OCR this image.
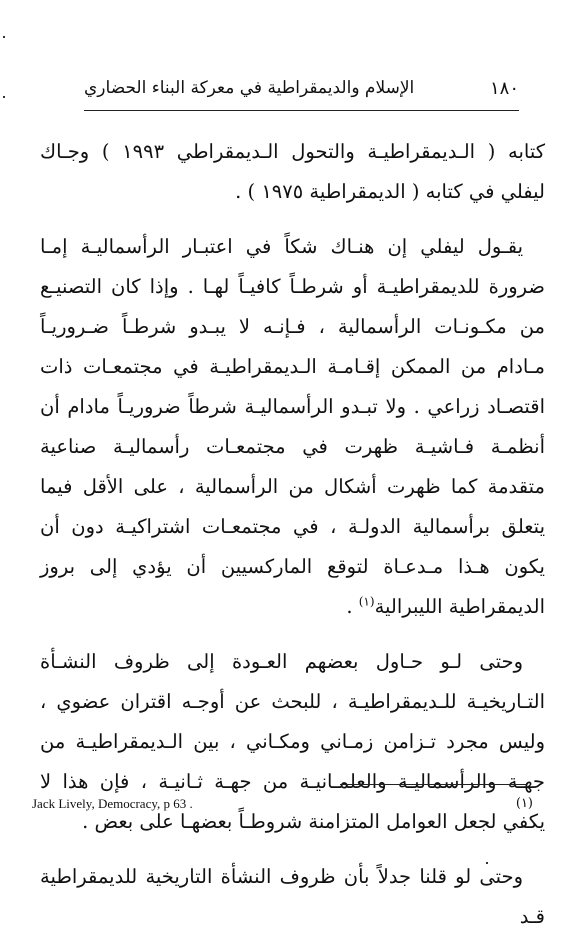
الإسلام والديمقراطية في معركة البناء الحضاري	١٨٠

كتابه ( الـديمقراطيـة والتحول الـديمقراطي ١٩٩٣ ) وجـاك ليفلي في كتابه ( الديمقراطية ١٩٧٥ ) .

يقـول ليفلي إن هنـاك شكاً في اعتبـار الرأسماليـة إمـا ضرورة للديمقراطيـة أو شرطـاً كافيـاً لهـا . وإذا كان التصنيـع من مكـونـات الرأسمالية ، فـإنـه لا يبـدو شرطـاً ضـروريـاً مـادام من الممكن إقـامـة الـديمقراطيـة في مجتمعـات ذات اقتصـاد زراعي . ولا تبـدو الرأسماليـة شرطاً ضروريـاً مادام أن أنظمـة فـاشيـة ظهرت في مجتمعـات رأسماليـة صناعية متقدمة كما ظهرت أشكال من الرأسمالية ، على الأقل فيما يتعلق برأسمالية الدولـة ، في مجتمعـات اشتراكيـة دون أن يكون هـذا مـدعـاة لتوقع الماركسيين أن يؤدي إلى بروز الديمقراطية الليبرالية$^{(١)}$ .

وحتى لـو حـاول بعضهم العـودة إلى ظروف النشـأة التـاريخيـة للـديمقراطيـة ، للبحث عن أوجـه اقتران عضوي ، وليس مجرد تـزامن زمـاني ومكـاني ، بين الـديمقراطيـة من جهـة والرأسماليـة والعلمـانيـة من جهـة ثـانيـة ، فإن هذا لا يكفي لجعل العوامل المتزامنة شروطـاً بعضهـا على بعض .

وحتى لو قلنا جدلاً بأن ظروف النشأة التاريخية للديمقراطية قـد

Jack Lively, Democracy, p 63 .	(١)
